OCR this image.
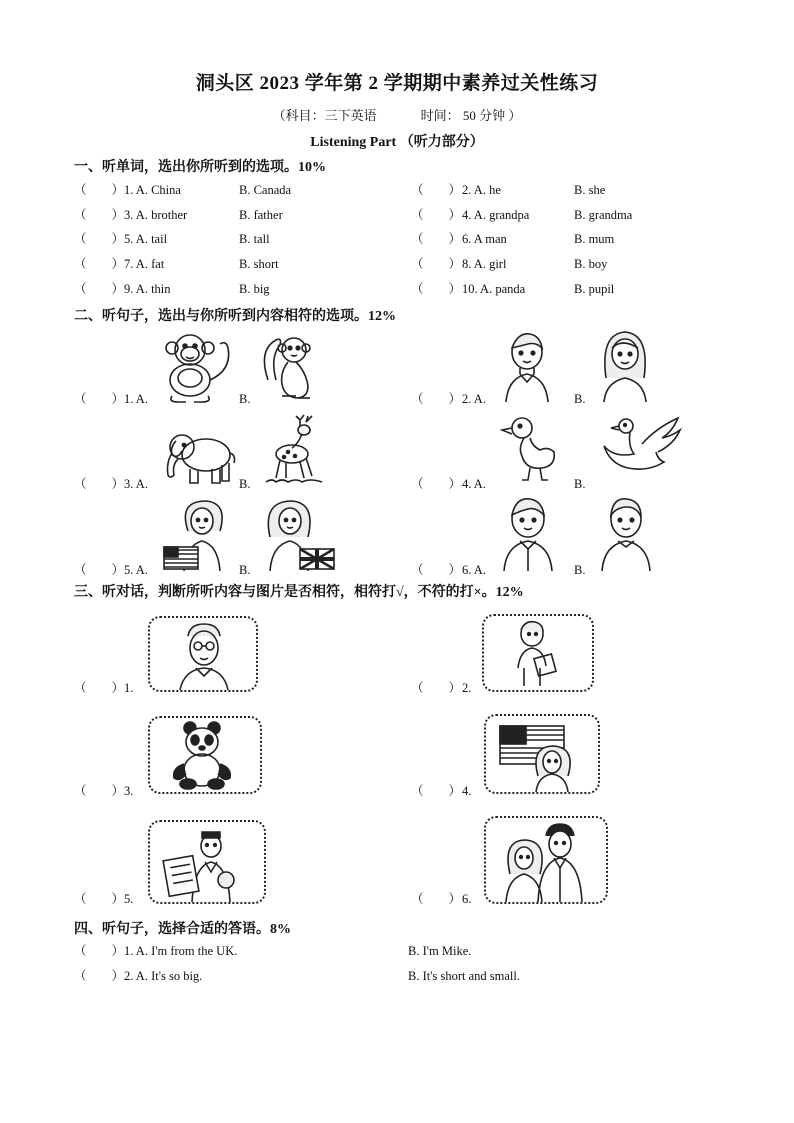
洞头区 2023 学年第 2 学期期中素养过关性练习
（科目：三下英语	时间： 50 分钟 ）
Listening Part （听力部分）
一、听单词，选出你所听到的选项。10%
（　　） 1. A. China	B. Canada	（　　） 2. A. he	B. she
（　　） 3. A. brother	B. father	（　　） 4. A. grandpa	B. grandma
（　　） 5. A. tail	B. tall	（　　） 6. A man	B. mum
（　　） 7. A. fat	B. short	（　　） 8. A. girl	B. boy
（　　） 9. A. thin	B. big	（　　） 10. A. panda	B. pupil
二、听句子，选出与你所听到内容相符的选项。12%
（　　） 1. A.	B.	（　　） 2. A.	B.
（　　） 3. A.	B.	（　　） 4. A.	B.
（　　） 5. A.	B.	（　　） 6. A.	B.
三、听对话，判断所听内容与图片是否相符，相符打√，不符的打×。12%
（　　） 1.	（　　） 2.
（　　） 3.	（　　） 4.
（　　） 5.	（　　） 6.
四、听句子，选择合适的答语。8%
（　　） 1. A. I'm from the UK.	B. I'm Mike.
（　　） 2. A. It's so big.	B. It's short and small.
